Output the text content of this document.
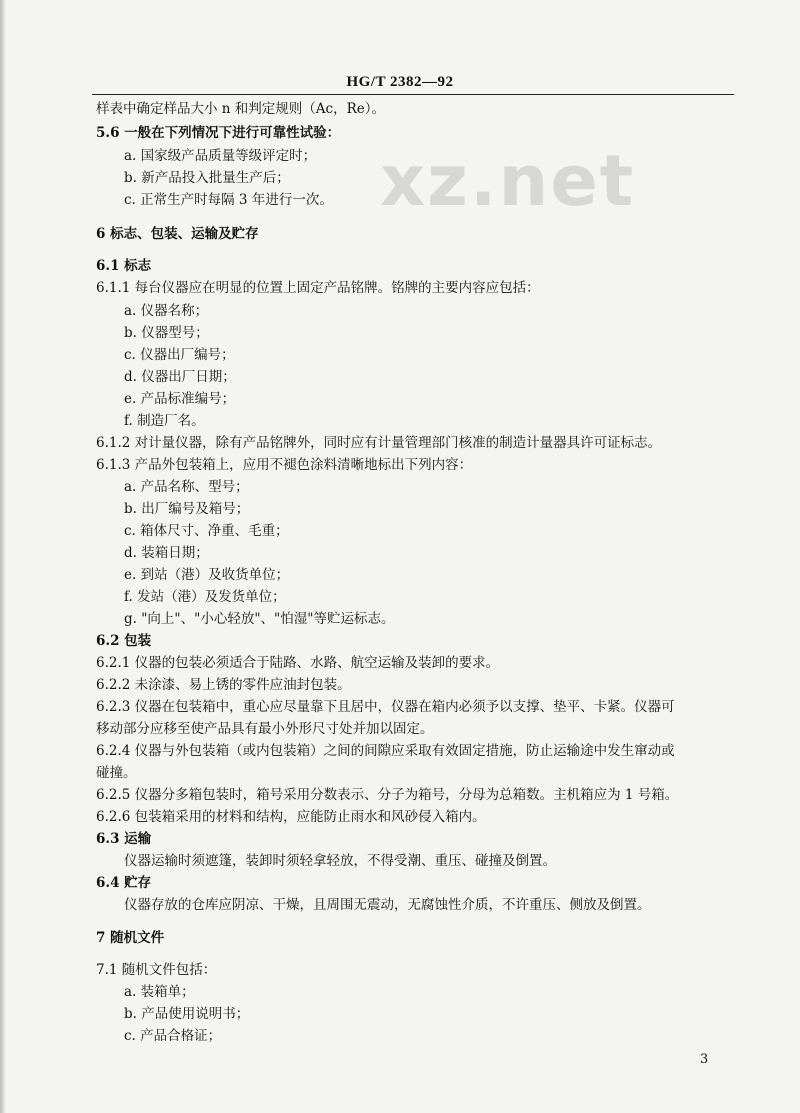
HG/T 2382—92
xz.net
样表中确定样品大小 n 和判定规则（Ac，Re）。
5.6 一般在下列情况下进行可靠性试验：
a. 国家级产品质量等级评定时；
b. 新产品投入批量生产后；
c. 正常生产时每隔 3 年进行一次。
6 标志、包装、运输及贮存
6.1 标志
6.1.1 每台仪器应在明显的位置上固定产品铭牌。铭牌的主要内容应包括：
a. 仪器名称；
b. 仪器型号；
c. 仪器出厂编号；
d. 仪器出厂日期；
e. 产品标准编号；
f. 制造厂名。
6.1.2 对计量仪器，除有产品铭牌外，同时应有计量管理部门核准的制造计量器具许可证标志。
6.1.3 产品外包装箱上，应用不褪色涂料清晰地标出下列内容：
a. 产品名称、型号；
b. 出厂编号及箱号；
c. 箱体尺寸、净重、毛重；
d. 装箱日期；
e. 到站（港）及收货单位；
f. 发站（港）及发货单位；
g. "向上"、"小心轻放"、"怕湿"等贮运标志。
6.2 包装
6.2.1 仪器的包装必须适合于陆路、水路、航空运输及装卸的要求。
6.2.2 未涂漆、易上锈的零件应油封包装。
6.2.3 仪器在包装箱中，重心应尽量靠下且居中，仪器在箱内必须予以支撑、垫平、卡紧。仪器可
移动部分应移至使产品具有最小外形尺寸处并加以固定。
6.2.4 仪器与外包装箱（或内包装箱）之间的间隙应采取有效固定措施，防止运输途中发生窜动或
碰撞。
6.2.5 仪器分多箱包装时，箱号采用分数表示、分子为箱号，分母为总箱数。主机箱应为 1 号箱。
6.2.6 包装箱采用的材料和结构，应能防止雨水和风砂侵入箱内。
6.3 运输
仪器运输时须遮篷，装卸时须轻拿轻放，不得受潮、重压、碰撞及倒置。
6.4 贮存
仪器存放的仓库应阴凉、干燥，且周围无震动，无腐蚀性介质，不许重压、侧放及倒置。
7 随机文件
7.1 随机文件包括：
a. 装箱单；
b. 产品使用说明书；
c. 产品合格证；
3
